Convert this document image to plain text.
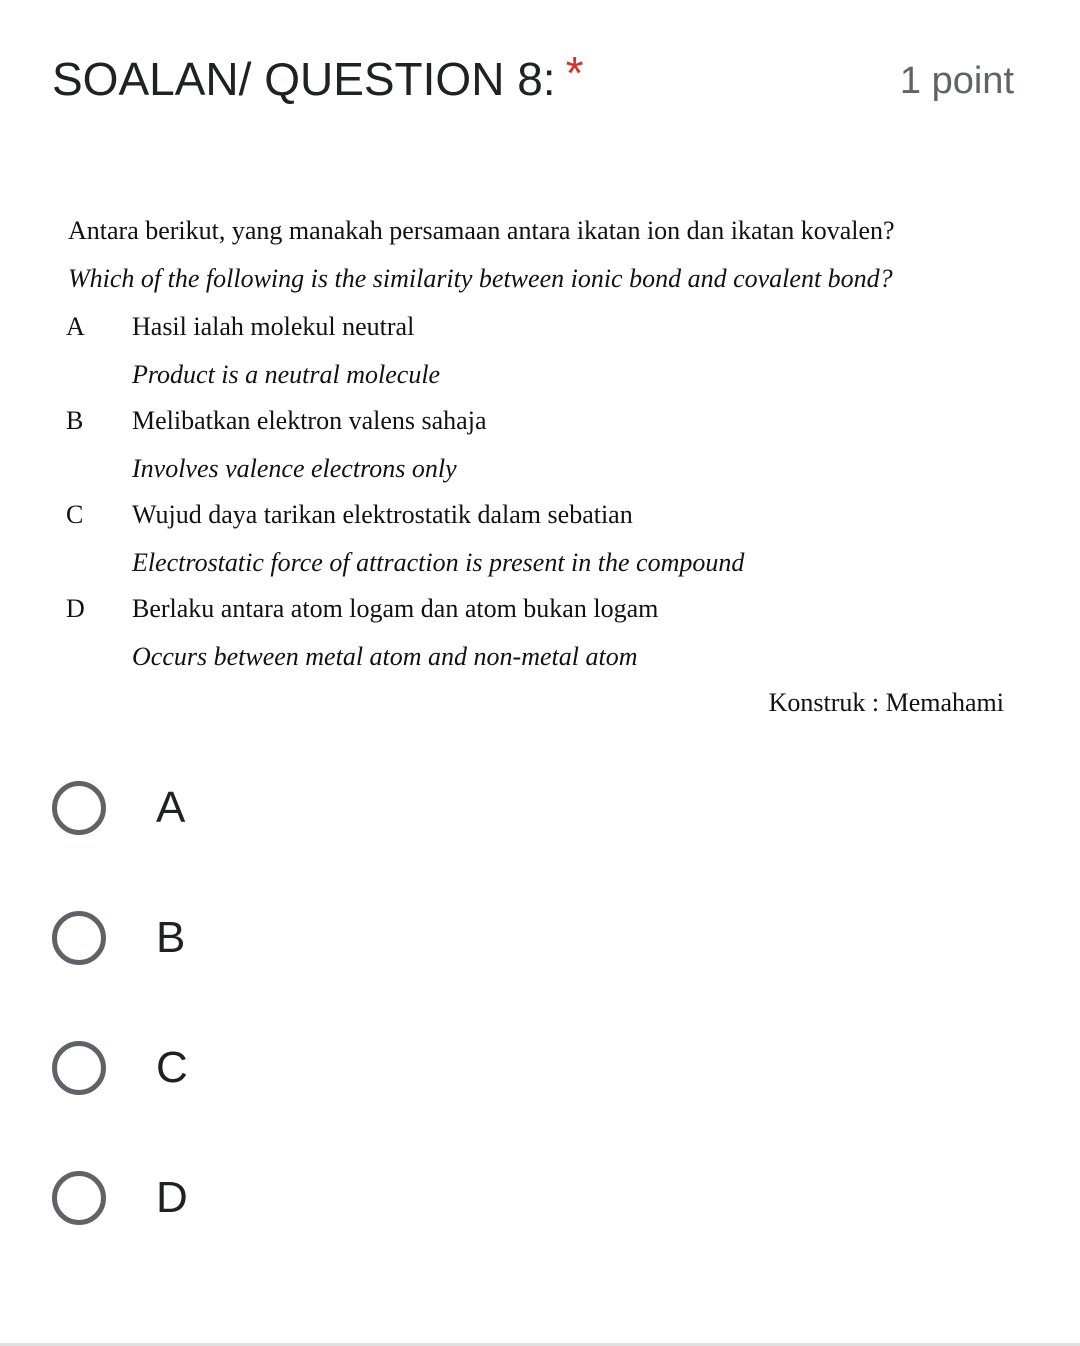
SOALAN/ QUESTION 8: *	1 point
Antara berikut, yang manakah persamaan antara ikatan ion dan ikatan kovalen?
Which of the following is the similarity between ionic bond and covalent bond?
A	Hasil ialah molekul neutral
Product is a neutral molecule
B	Melibatkan elektron valens sahaja
Involves valence electrons only
C	Wujud daya tarikan elektrostatik dalam sebatian
Electrostatic force of attraction is present in the compound
D	Berlaku antara atom logam dan atom bukan logam
Occurs between metal atom and non-metal atom
Konstruk : Memahami
A
B
C
D
